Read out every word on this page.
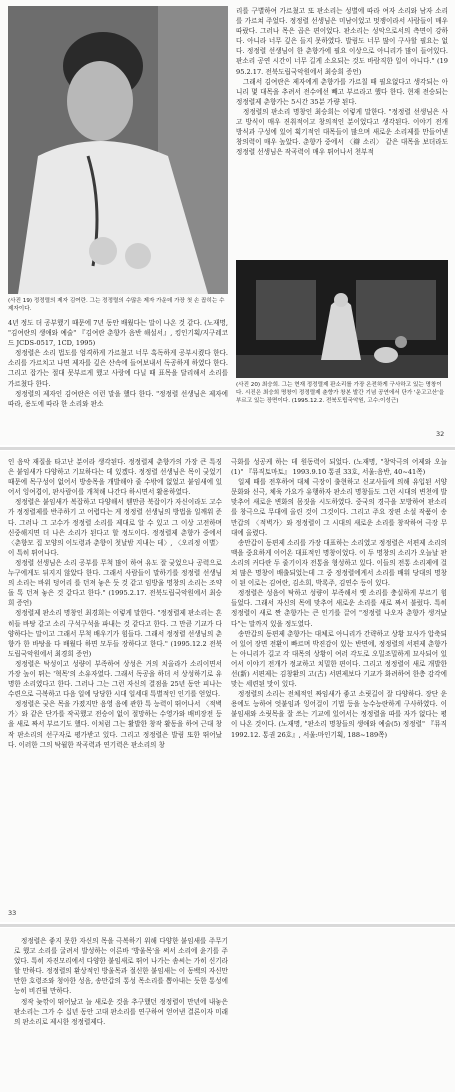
(사진 19) 정정렬의 제자 김여란. 그는 정정렬의 수많은 제자 가운데 가장 첫 손 꼽히는 수제자이다.

4년 정도 더 공부했기 때문에 7년 동안 배웠다는 말이 나온 것 같다. (노재명, "김여란의 생애와 예술" 『김여란 춘향가 음반 해설서』, 킹인기획/지구레코드 JCDS-0517, 1CD, 1995)

정정렬은 소리 법도를 엄격하게 가르쳤고 너무 혹독하게 공부시켰다 한다. 소리를 가르치고 나면 제자를 깊은 산속에 들여보내서 독공하게 하였다 한다. 그리고 잡가는 절대 못부르게 했고 사랑에 다닐 때 표목을 달리해서 소리를 가르쳤다 한다.

정정렬의 제자인 김여란은 이런 말을 했다 한다. "정정렬 선생님은 제자에 따라, 용도에 따라 한 소리와 판소

리를 구별하여 가르쳤고 또 판소리는 성별에 따라 여자 소리와 남자 소리를 가르쳐 주었다. 정정렬 선생님은 미남이었고 멋쟁이라서 사람들이 매우 따랐다. 그러나 목은 곱은 편이었다. 판소리는 성악으로서의 측면이 강하다. 아니라 너무 깊은 들지 못하였다. 발림도 너무 많이 구사할 필요는 없다. 정정렬 선생님이 한 춘향가에 필요 이상으로 아니리가 많이 들어있다. 판소리 공연 시간이 너무 길게 소요되는 것도 바람직한 일이 아니다." (1995.2.17. 전북도립국악원에서 최승희 증언)

그래서 김여란은 제자에게 춘향가를 가르칠 때 필요없다고 생각되는 아니리 몇 대목을 추려서 전수에선 빼고 부르라고 했다 한다. 현재 전승되는 정정렬제 춘향가는 5시간 35분 가량 된다.

정정렬의 판소리 명창인 최승희는 이렇게 말한다. "정정렬 선생님은 사고 방식이 매우 진취적이고 창의적인 분이었다고 생각된다. 이야기 전개 방식과 구성에 있어 획기적인 대목들이 많으며 새로운 소리제를 만들어낸 창의력이 매우 높았다. 춘향가 중에서 〈辯 소리〉 같은 대목을 보더라도 정정렬 선생님은 작곡력이 매우 뛰어나서 천부적

(사진 20) 최승희. 그는 현재 정정렬제 판소리를 가장 온전하게 구사하고 있는 명창이다. 시진은 최승희 명창이 정정렬제 춘향가 창본 발간 기념 공연에서 단가 '운고고산'을 부르고 있는 장면이다. (1995.12.2. 전북도립국악원, 고수:이성근)
32

인 음악 재질을 타고난 분이라 생각된다. 정정렬제 춘향가의 가장 큰 특징은 붙임새가 다양하고 기묘하다는 데 있겠다. 정정렬 선생님은 목이 궂었기 때문에 목구성이 없어서 방송목을 개발해야 줄 수밖에 없었고 붙임새에 있어서 잉여겹이, 판사람이를 개척해 나간다 하시면서 활용하였다.

정정렬은 붙임새가 복잡하고 다양해서 웬만큼 북잡이가 자신이라도 고수가 정정렬제를 반주하기 고 어렵다는 게 정정렬 선생님의 방법을 일깨워 준다. 그러나 그 고수가 정정렬 소리를 제대로 알 수 있고 그 이상 고전하며 신중해지면 더 나은 소리가 된다고 할 정도이다. 정정렬제 춘향가 중에서 〈춘향모 집 모양의 이도령과 춘향이 첫날밤 지내는 데〉, 〈오리정 이별〉이 특히 뛰어나다.

정정렬 선생님은 소리 공부를 무척 많이 하여 유도 잘 궂었으나 공력으로 누구에게도 뒤지지 않았다 한다. 그래서 사람들이 말하기를 정정렬 선생님의 소리는 바위 덩어리 를 던져 놓은 듯 것 같고 임방울 명창의 소리는 조약돌 톡 던져 놓은 것 같다고 한다." (1995.2.17. 전북도립국악원에서 최승희 증언)

정정렬제 판소리 명창인 최경희는 이렇게 말한다. "정정렬제 판소리는 흔히들 바탕 같고 소리 구석구석을 파내는 것 같다고 한다. 그 만큼 기교가 다양하다는 말이고 그래서 무척 배우기가 힘들다. 그래서 정정렬 선생님의 춘향가 한 바탕을 다 배웠다 하면 모두들 장하다고 한다." (1995.12.2 전북도립국악원에서 최경희 증언)

정정렬은 탁성이고 성량이 부족하여 상성은 거의 치올라가 소리이면서 가장 높이 뛰는 '혁목'의 소유자였다. 그래서 독공을 하더 서 상성하기로 유명한 소리였다고 한다. 그러나 그는 그런 자신의 결점을 25년 동안 피나는 수련으로 극복하고 다음 일에 당당한 시대 일세대 특별적인 인기를 얻었다.

정정렬은 궂은 목을 가졌지만 음영 음에 관한 특 능력이 뛰어나서 〈적벽가〉와 같은 단가를 작곡했고 전승이 없이 절망하는 수영가와 배비장전 등을 새로 짜서 부르기도 했다. 이처럼 그는 활발한 창작 활동을 하여 근대 창작 판소리의 선구자로 평가받고 있다. 그리고 정정렬은 발림 또한 뛰어났다. 이러한 그의 탁월한 작곡력과 연기력은 판소리의 창

극화를 성공케 하는 데 원동력이 되었다. (노재명, "창악극의 어제와 오늘(1)" 『뮤직토마토』 1993.9.10 통권 33호, 서울:음반, 40~41쪽)

일제 때를 전후하여 대체 극장이 출현하고 신교사들에 의해 유입된 서양 문화와 신극, 체육 가요가 유행하자 판소리 명창들도 그런 시대의 변천에 발맞추어 새로운 변화의 몸짓을 시도하였다. 중국의 경극을 모방하여 판소리를 창극으로 무대에 올린 것이 그것이다. 그리고 주요 장편 소설 작품이 송만갑의 〈적벽가〉와 정정렬이 그 시대의 새로운 소리를 창작하여 극장 무대에 올렸다.

송만갑이 동편제 소리를 가장 대표하는 소리였고 정정렬은 서편제 소리의 맥을 중요하게 이어온 대표적인 명창이었다. 이 두 명창의 소리가 오늘날 판소리의 커다란 두 줄기이자 전통을 형성하고 있다. 이들의 전통 소리제에 걸쳐 많은 명창이 배출되었는데 그 중 정정렬에게서 소리를 배워 당대의 명창이 된 이로는 김여란, 김소희, 박록주, 김연수 등이 있다.

정정렬은 성음이 탁하고 성량이 부족해서 옛 소리를 충실하게 부르기 힘들었다. 그래서 자신의 목에 맞추어 새로운 소리를 새로 짜서 불렀다. 특히 정정렬이 새로 짠 춘향가는 큰 인기를 끌어 "정정렬 나오자 춘향가 생겨났다"는 말까지 있을 정도였다.

송만갑의 동편제 춘향가는 대체로 아니리가 간략하고 상황 묘사가 압축되어 있어 장면 전환이 빠르며 박진감이 있는 반면에, 정정렬의 서편제 춘향가는 아니리가 길고 각 대목의 상황이 여러 각도로 오밀조밀하게 묘사되어 있어서 이야기 전개가 정교하고 치밀한 편이다. 그리고 정정렬이 새로 개발한 선(新) 서편제는 김창환의 고(古) 서편제보다 기교가 화려하여 한층 감각에 맞는 세련된 맛이 있다.

정정렬의 소리는 전체적인 짜임새가 좋고 소릿길이 잘 다양하다. 장단 운용에도 능하여 엇붙임과 잉어걸이 기법 등을 능수능란하게 구사하였다. 이 붙임새와 소릿목을 잘 쓰는 기교에 있어서는 정정렬을 따를 자가 없다는 평이 나온 것이다. (노재명, "판소리 명창들의 생애와 예술(5) 정정렬" 『뮤직 1992.12. 통권 26호』, 서울:마인기획, 188~189쪽)

33

정정렬은 좋지 못한 자신의 목을 극복하기 위해 다양한 붙임새를 주무기로 했고 소리를 굴려서 발성하는 이른바 '방울목'을 써서 소리에 윤기를 주었다. 특히 자진모리에서 다양한 붙임새로 뛰어 나가는 솜씨는 가히 신기라 할 만하다. 정정렬의 환상적인 방울목과 절신한 붙임새는 이 동백의 자신만만한 호령조와 청아한 성음, 송만갑의 통성 목소리를 뽑아내는 듯한 통성에 능히 비견될 만하다.

정작 늦깎이 뛰어났고 늘 새로운 것을 추구했던 정정렬이 만년에 내놓은 판소리는 그가 수 십년 동안 고대 판소리를 연구하여 얻어낸 결론이자 미래의 판소리로 제시한 정정렬제다.
